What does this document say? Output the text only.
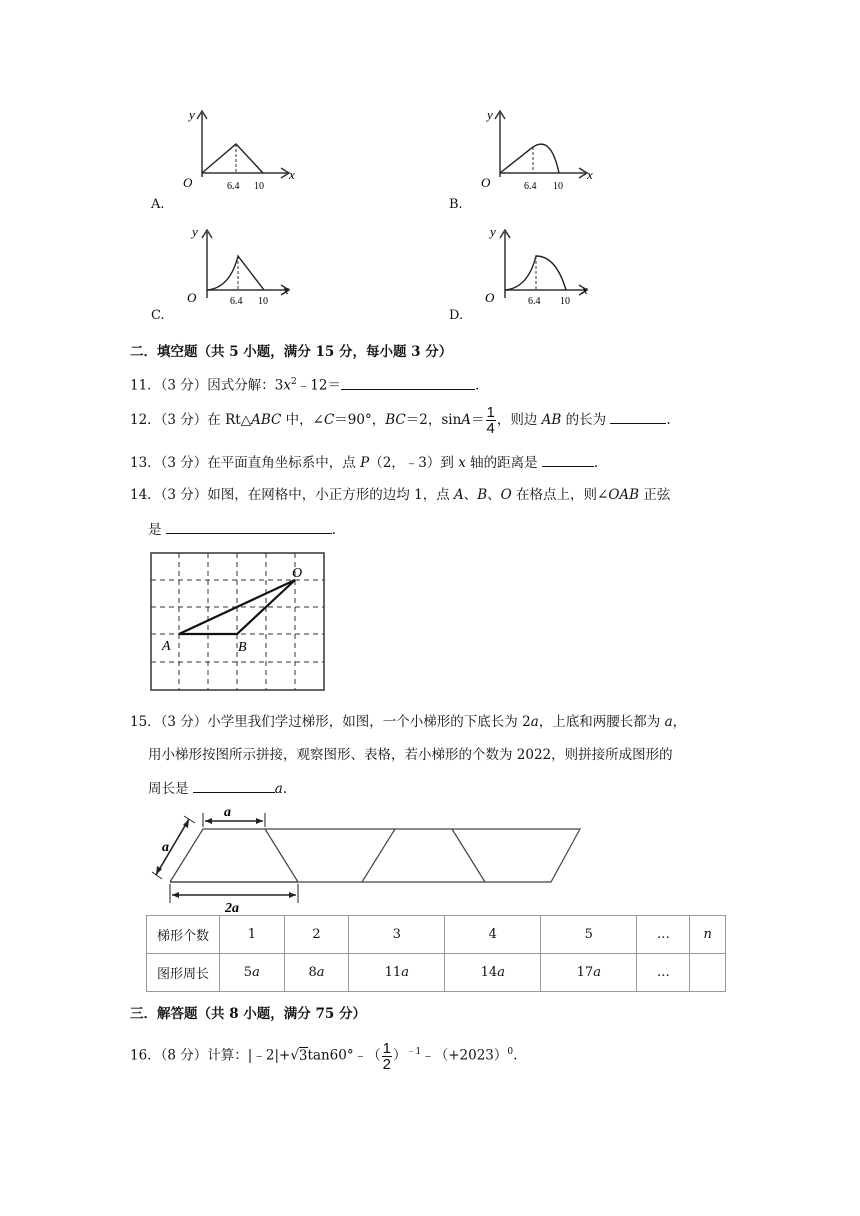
y
x
O	6.4 10
A.
y
x
O	6.4 10
B.
y
x
O	6.4 10
C.
y
x
O	6.4 10
D.
二．填空题（共 5 小题，满分 15 分，每小题 3 分）
11．（3 分）因式分解：$3x^2﹣12=$	.
12．（3 分）在 Rt△ABC 中，∠C＝90°，BC＝2，$\sin A= \frac{1}{4}$ ，则边 AB 的长为	.
13．（3 分）在平面直角坐标系中，点 P（2，﹣3）到 x 轴的距离是	.
14．（3 分）如图，在网格中，小正方形的边均 1，点 A、B、O 在格点上，则∠OAB 正弦
是	.
O
A	B
15．（3 分）小学里我们学过梯形，如图，一个小梯形的下底长为 2a，上底和两腰长都为 a，
用小梯形按图所示拼接，观察图形、表格，若小梯形的个数为 2022，则拼接所成图形的
周长是	a.
a
a
2a
梯形个数	1	2	3	4	5	…	n
图形周长	5a	8a	11a	14a	17a	…	
三．解答题（共 8 小题，满分 75 分）
16．（8 分）计算：|﹣2|+√3tan60°﹣（ $\frac{1}{2}$ ）$^{﹣1}﹣(+2023)^0$.
